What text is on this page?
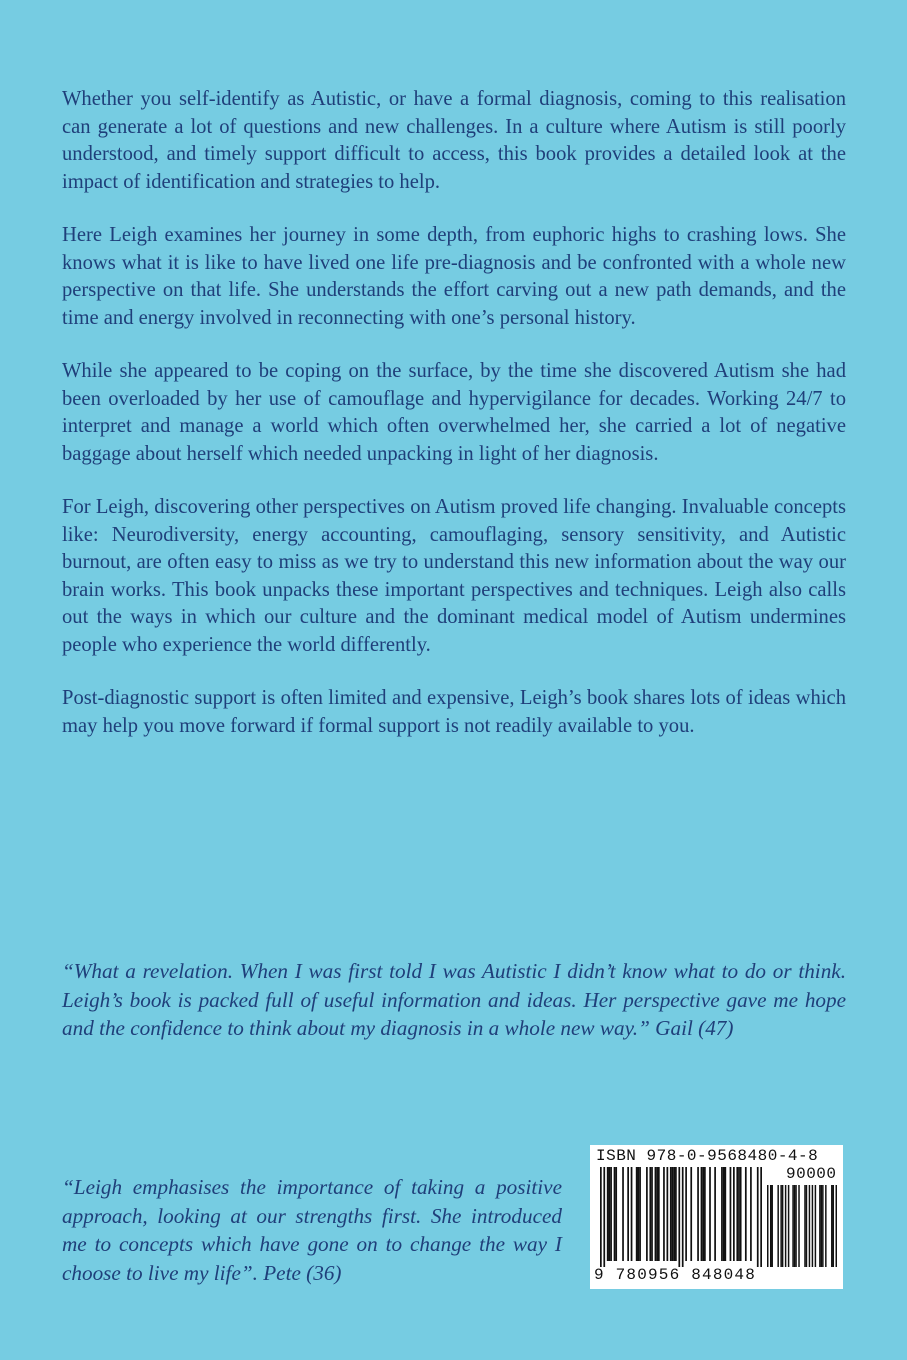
Whether you self-identify as Autistic, or have a formal diagnosis, coming to this realisation can generate a lot of questions and new challenges. In a culture where Autism is still poorly understood, and timely support difficult to access, this book provides a detailed look at the impact of identification and strategies to help.

Here Leigh examines her journey in some depth, from euphoric highs to crashing lows. She knows what it is like to have lived one life pre-diagnosis and be confronted with a whole new perspective on that life. She understands the effort carving out a new path demands, and the time and energy involved in reconnecting with one’s personal history.

While she appeared to be coping on the surface, by the time she discovered Autism she had been overloaded by her use of camouflage and hypervigilance for decades. Working 24/7 to interpret and manage a world which often overwhelmed her, she carried a lot of negative baggage about herself which needed unpacking in light of her diagnosis.

For Leigh, discovering other perspectives on Autism proved life changing. Invaluable concepts like: Neurodiversity, energy accounting, camouflaging, sensory sensitivity, and Autistic burnout, are often easy to miss as we try to understand this new information about the way our brain works. This book unpacks these important perspectives and techniques. Leigh also calls out the ways in which our culture and the dominant medical model of Autism undermines people who experience the world differently.

Post-diagnostic support is often limited and expensive, Leigh’s book shares lots of ideas which may help you move forward if formal support is not readily available to you.

“What a revelation. When I was first told I was Autistic I didn’t know what to do or think. Leigh’s book is packed full of useful information and ideas. Her perspective gave me hope and the confidence to think about my diagnosis in a whole new way.” Gail (47)

“Leigh emphasises the importance of taking a positive approach, looking at our strengths first. She introduced me to concepts which have gone on to change the way I choose to live my life”. Pete (36)

ISBN 978-0-9568480-4-8
90000
9 780956 848048
